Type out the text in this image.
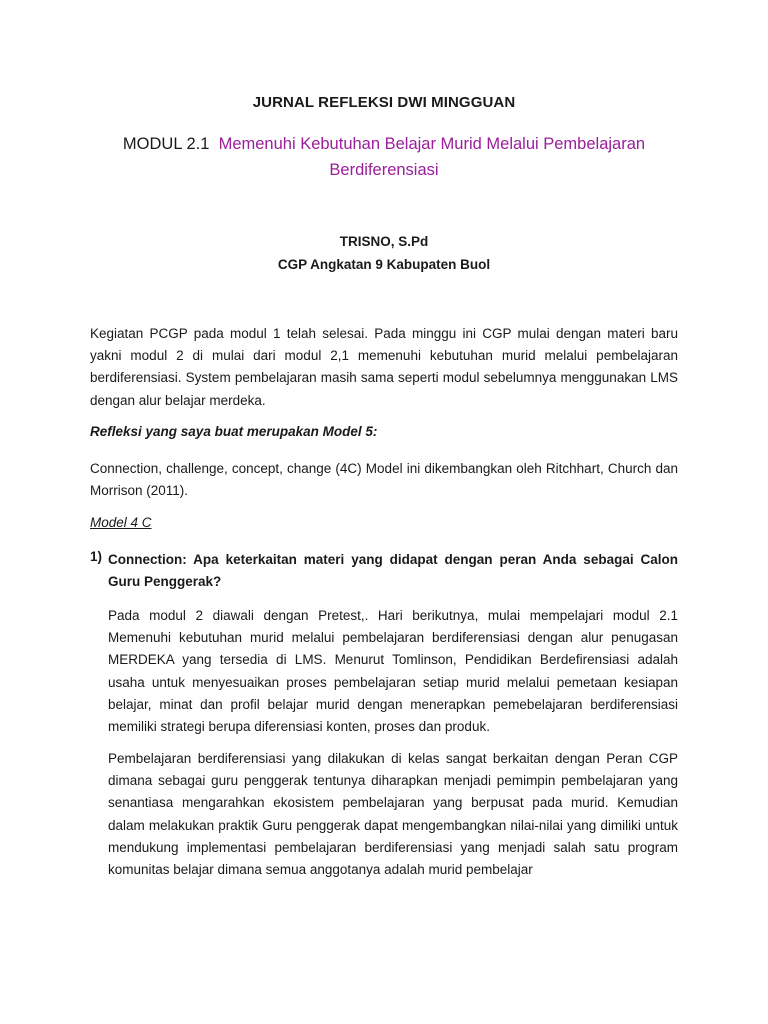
JURNAL REFLEKSI DWI MINGGUAN
MODUL 2.1 Memenuhi Kebutuhan Belajar Murid Melalui Pembelajaran Berdiferensiasi
TRISNO, S.Pd
CGP Angkatan 9 Kabupaten Buol

Kegiatan PCGP pada modul 1 telah selesai. Pada minggu ini CGP mulai dengan materi baru yakni modul 2 di mulai dari modul 2,1 memenuhi kebutuhan murid melalui pembelajaran berdiferensiasi. System pembelajaran masih sama seperti modul sebelumnya menggunakan LMS dengan alur belajar merdeka.

Refleksi yang saya buat merupakan Model 5:

Connection, challenge, concept, change (4C) Model ini dikembangkan oleh Ritchhart, Church dan Morrison (2011).

Model 4 C
1) Connection: Apa keterkaitan materi yang didapat dengan peran Anda sebagai Calon Guru Penggerak?

Pada modul 2 diawali dengan Pretest,. Hari berikutnya, mulai mempelajari modul 2.1 Memenuhi kebutuhan murid melalui pembelajaran berdiferensiasi dengan alur penugasan MERDEKA yang tersedia di LMS. Menurut Tomlinson, Pendidikan Berdefirensiasi adalah usaha untuk menyesuaikan proses pembelajaran setiap murid melalui pemetaan kesiapan belajar, minat dan profil belajar murid dengan menerapkan pemebelajaran berdiferensiasi memiliki strategi berupa diferensiasi konten, proses dan produk.

Pembelajaran berdiferensiasi yang dilakukan di kelas sangat berkaitan dengan Peran CGP dimana sebagai guru penggerak tentunya diharapkan menjadi pemimpin pembelajaran yang senantiasa mengarahkan ekosistem pembelajaran yang berpusat pada murid. Kemudian dalam melakukan praktik Guru penggerak dapat mengembangkan nilai-nilai yang dimiliki untuk mendukung implementasi pembelajaran berdiferensiasi yang menjadi salah satu program komunitas belajar dimana semua anggotanya adalah murid pembelajar
